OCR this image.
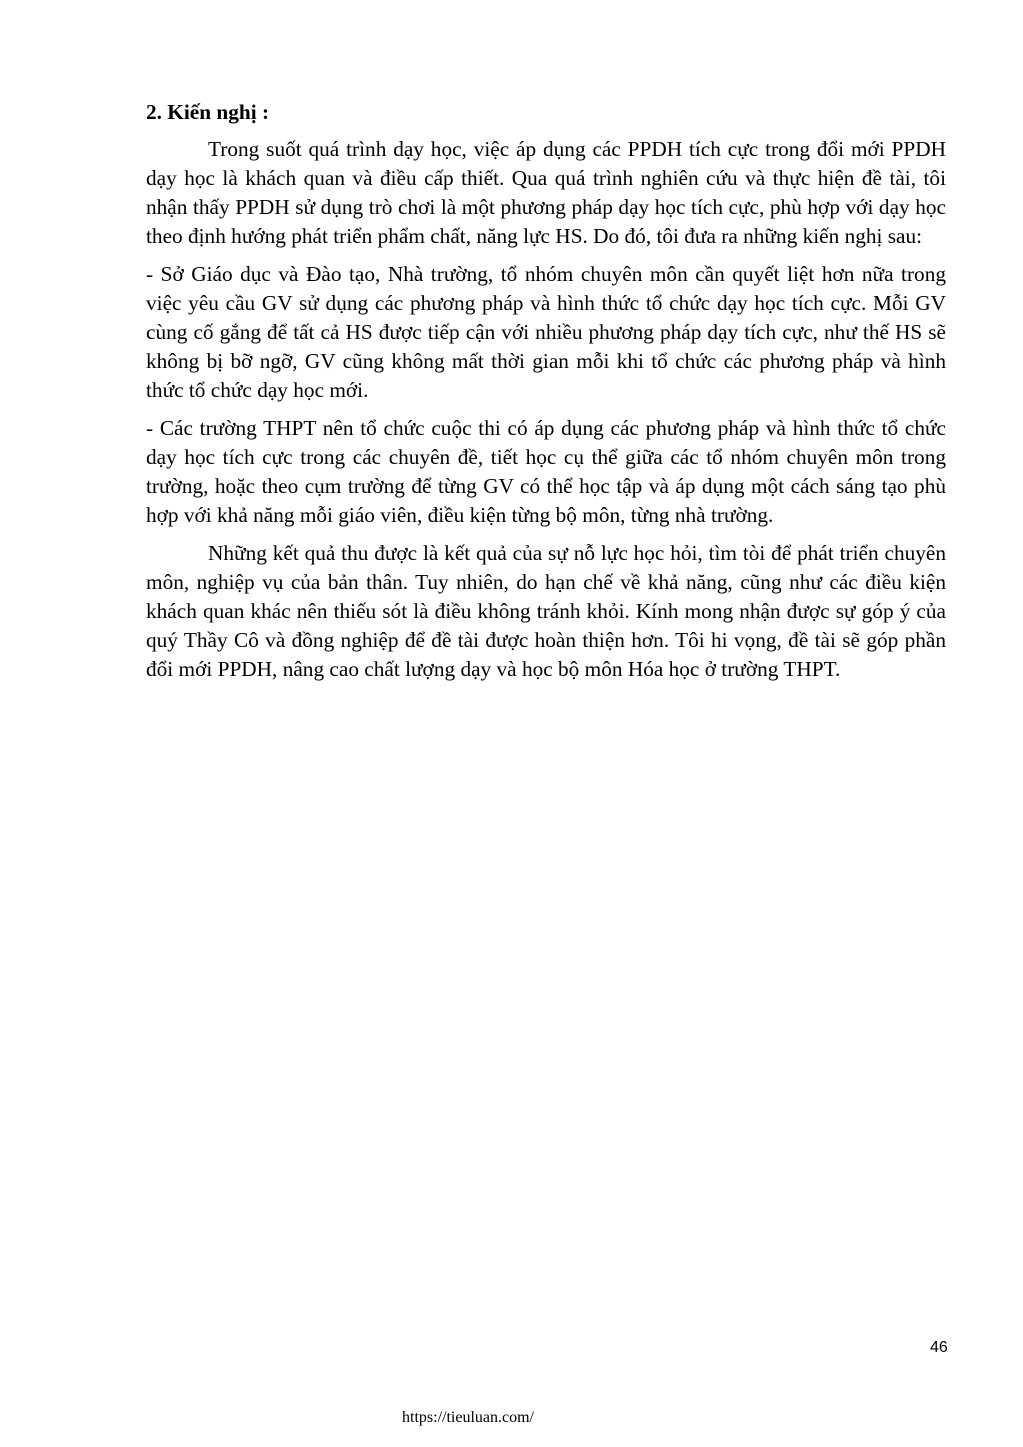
2. Kiến nghị :

Trong suốt quá trình dạy học, việc áp dụng các PPDH tích cực trong đổi mới PPDH dạy học là khách quan và điều cấp thiết. Qua quá trình nghiên cứu và thực hiện đề tài, tôi nhận thấy PPDH sử dụng trò chơi là một phương pháp dạy học tích cực, phù hợp với dạy học theo định hướng phát triển phẩm chất, năng lực HS. Do đó, tôi đưa ra những kiến nghị sau:

- Sở Giáo dục và Đào tạo, Nhà trường, tổ nhóm chuyên môn cần quyết liệt hơn nữa trong việc yêu cầu GV sử dụng các phương pháp và hình thức tổ chức dạy học tích cực. Mỗi GV cùng cố gắng để tất cả HS được tiếp cận với nhiều phương pháp dạy tích cực, như thế HS sẽ không bị bỡ ngỡ, GV cũng không mất thời gian mỗi khi tổ chức các phương pháp và hình thức tổ chức dạy học mới.

- Các trường THPT nên tổ chức cuộc thi có áp dụng các phương pháp và hình thức tổ chức dạy học tích cực trong các chuyên đề, tiết học cụ thể giữa các tổ nhóm chuyên môn trong trường, hoặc theo cụm trường để từng GV có thể học tập và áp dụng một cách sáng tạo phù hợp với khả năng mỗi giáo viên, điều kiện từng bộ môn, từng nhà trường.

Những kết quả thu được là kết quả của sự nỗ lực học hỏi, tìm tòi để phát triển chuyên môn, nghiệp vụ của bản thân. Tuy nhiên, do hạn chế về khả năng, cũng như các điều kiện khách quan khác nên thiếu sót là điều không tránh khỏi. Kính mong nhận được sự góp ý của quý Thầy Cô và đồng nghiệp để đề tài được hoàn thiện hơn. Tôi hi vọng, đề tài sẽ góp phần đổi mới PPDH, nâng cao chất lượng dạy và học bộ môn Hóa học ở trường THPT.

46
https://tieuluan.com/
